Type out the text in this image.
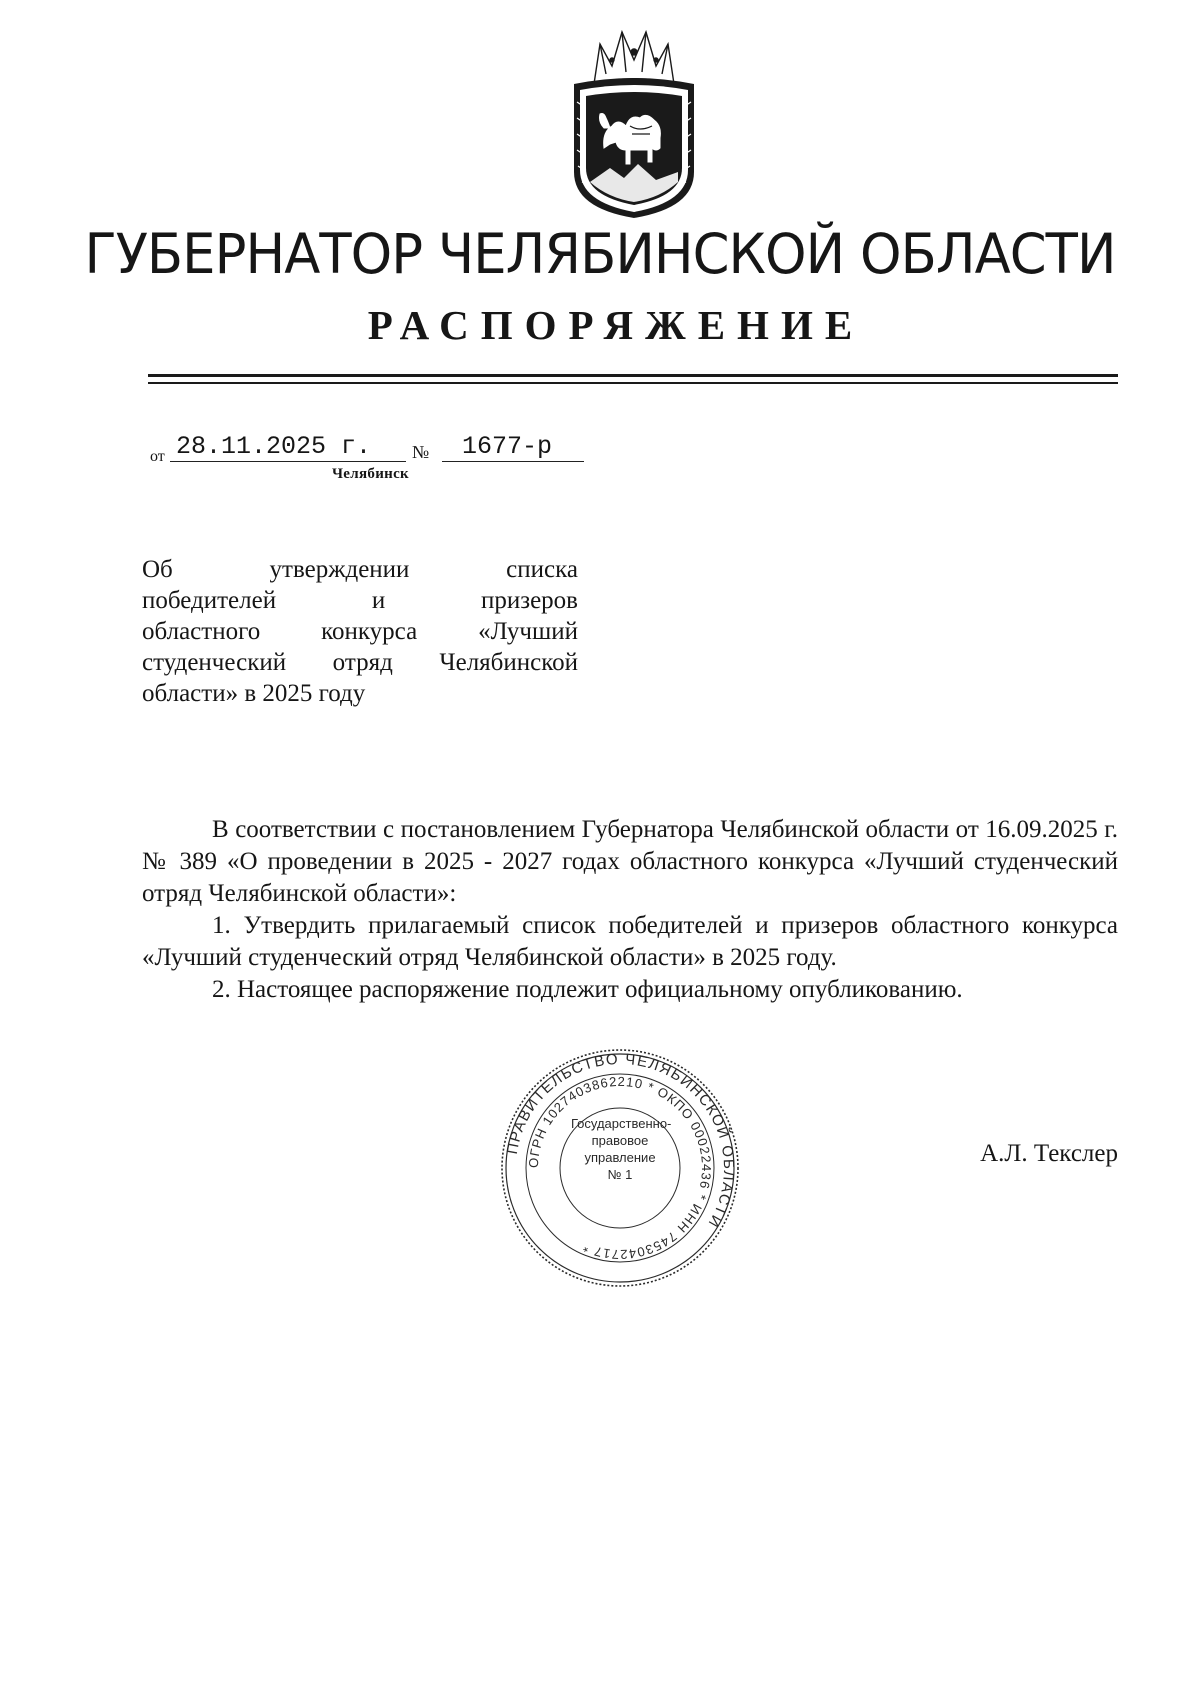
ГУБЕРНАТОР ЧЕЛЯБИНСКОЙ ОБЛАСТИ
РАСПОРЯЖЕНИЕ
от 28.11.2025 г.	№	1677-р
Челябинск
Об утверждении списка
победителей и призеров
областного конкурса «Лучший
студенческий отряд Челябинской
области» в 2025 году

В соответствии с постановлением Губернатора Челябинской области от 16.09.2025 г. № 389 «О проведении в 2025 - 2027 годах областного конкурса «Лучший студенческий отряд Челябинской области»:

1. Утвердить прилагаемый список победителей и призеров областного конкурса «Лучший студенческий отряд Челябинской области» в 2025 году.

2. Настоящее распоряжение подлежит официальному опубликованию.

ПРАВИТЕЛЬСТВО ЧЕЛЯБИНСКОЙ ОБЛАСТИ
ОГРН 1027403862210 * ОКПО 00022436 * ИНН 7453042717 *
Государственно-
правовое
управление
№ 1
А.Л. Текслер
